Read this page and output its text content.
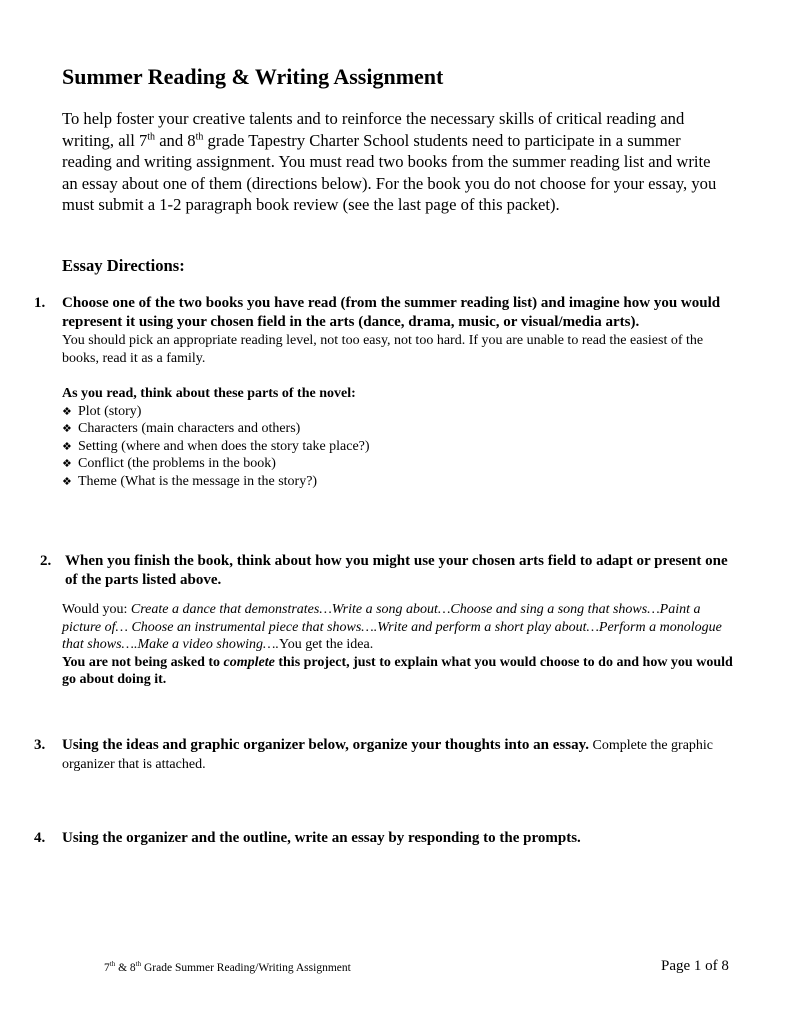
Summer Reading & Writing Assignment
To help foster your creative talents and to reinforce the necessary skills of critical reading and writing, all 7th and 8th grade Tapestry Charter School students need to participate in a summer reading and writing assignment. You must read two books from the summer reading list and write an essay about one of them (directions below). For the book you do not choose for your essay, you must submit a 1-2 paragraph book review (see the last page of this packet).
Essay Directions:
1. Choose one of the two books you have read (from the summer reading list) and imagine how you would represent it using your chosen field in the arts (dance, drama, music, or visual/media arts).
You should pick an appropriate reading level, not too easy, not too hard. If you are unable to read the easiest of the books, read it as a family.
As you read, think about these parts of the novel:
❖ Plot (story)
❖ Characters (main characters and others)
❖ Setting (where and when does the story take place?)
❖ Conflict (the problems in the book)
❖ Theme (What is the message in the story?)
2. When you finish the book, think about how you might use your chosen arts field to adapt or present one of the parts listed above.
Would you: Create a dance that demonstrates…Write a song about…Choose and sing a song that shows…Paint a picture of… Choose an instrumental piece that shows….Write and perform a short play about…Perform a monologue that shows….Make a video showing….You get the idea.
You are not being asked to complete this project, just to explain what you would choose to do and how you would go about doing it.
3. Using the ideas and graphic organizer below, organize your thoughts into an essay. Complete the graphic organizer that is attached.
4. Using the organizer and the outline, write an essay by responding to the prompts.
7th & 8th Grade Summer Reading/Writing Assignment	Page 1 of 8
